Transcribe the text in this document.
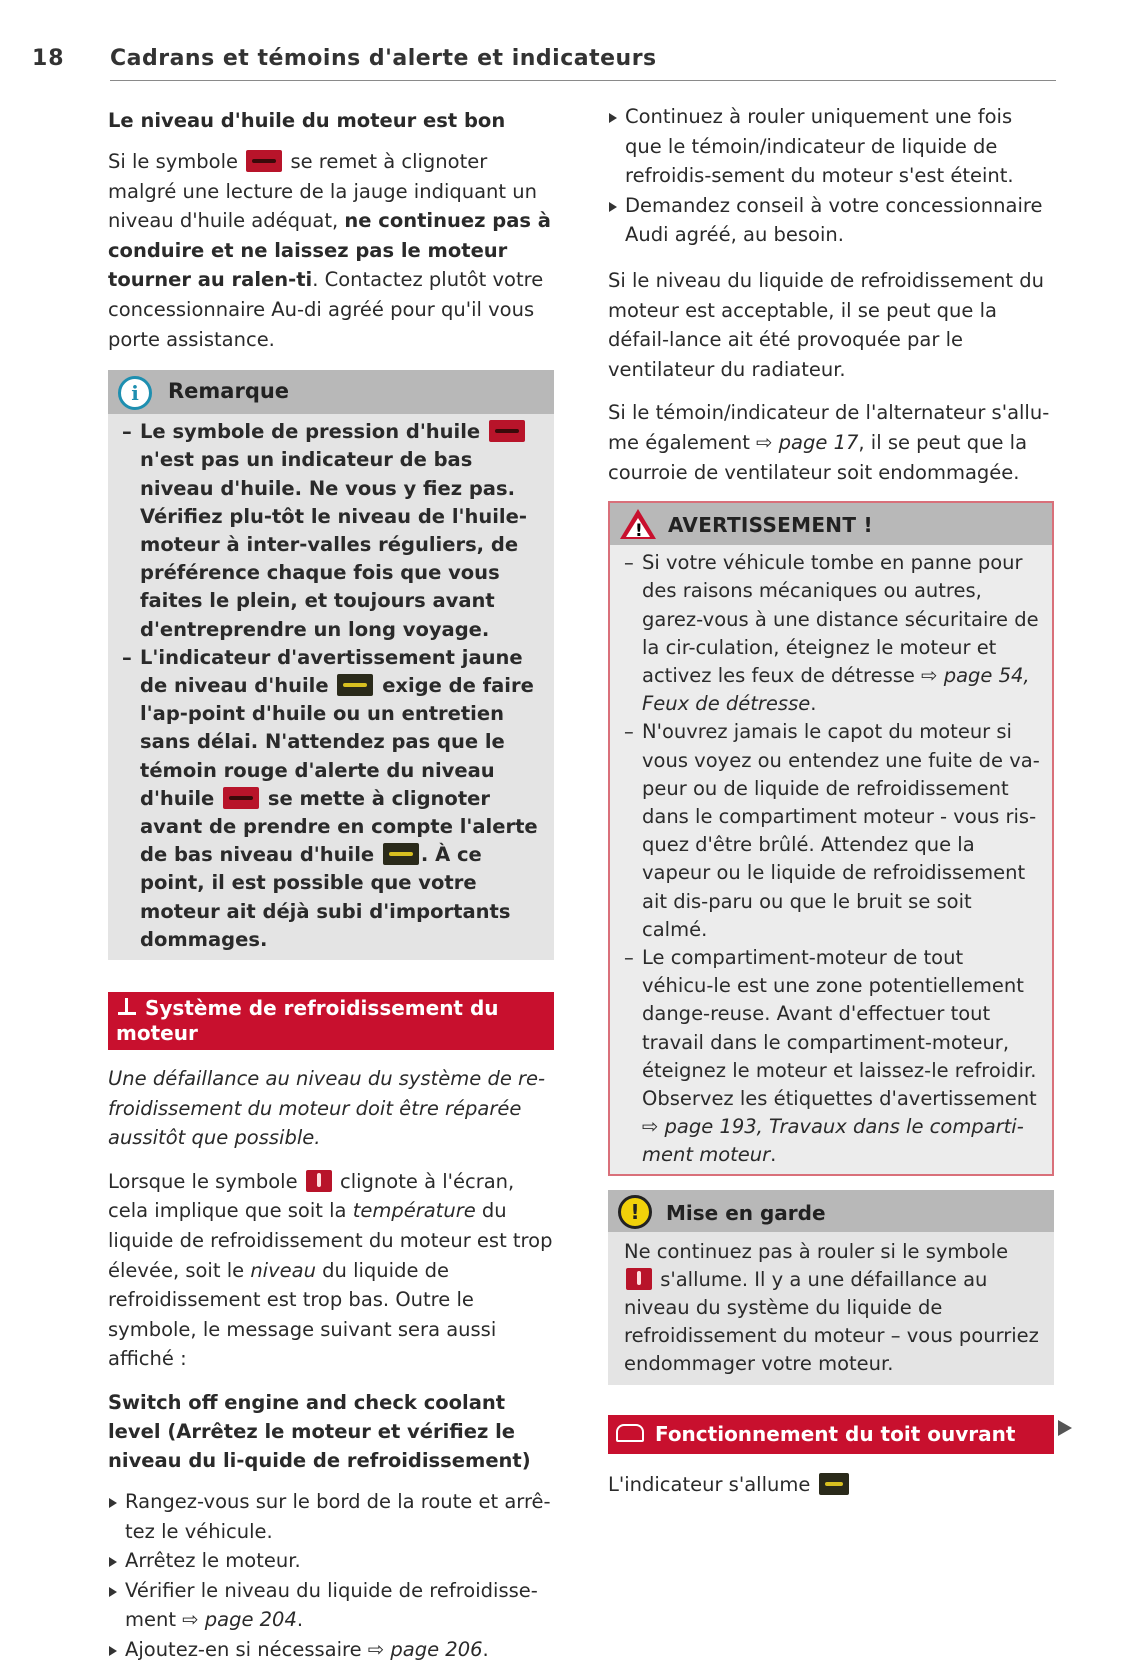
18 Cadrans et témoins d'alerte et indicateurs
Le niveau d'huile du moteur est bon

Si le symbole	se remet à clignoter malgré une lecture de la jauge indiquant un niveau d'huile adéquat, ne continuez pas à conduire et ne laissez pas le moteur tourner au ralen-ti. Contactez plutôt votre concessionnaire Au-di agréé pour qu'il vous porte assistance.

i	Remarque

– Le symbole de pression d'huile  n'est pas un indicateur de bas niveau d'huile. Ne vous y fiez pas. Vérifiez plu-tôt le niveau de l'huile-moteur à inter-valles réguliers, de préférence chaque fois que vous faites le plein, et toujours avant d'entreprendre un long voyage.

– L'indicateur d'avertissement jaune de niveau d'huile	exige de faire l'ap-point d'huile ou un entretien sans délai. N'attendez pas que le témoin rouge d'alerte du niveau d'huile	se mette à clignoter avant de prendre en compte l'alerte de bas niveau d'huile . À ce point, il est possible que votre moteur ait déjà subi d'importants dommages.

Système de refroidissement du moteur

Une défaillance au niveau du système de re-froidissement du moteur doit être réparée aussitôt que possible.

Lorsque le symbole clignote à l'écran, cela implique que soit la température du liquide de refroidissement du moteur est trop élevée, soit le niveau du liquide de refroidissement est trop bas. Outre le symbole, le message suivant sera aussi affiché :

Switch off engine and check coolant level (Arrêtez le moteur et vérifiez le niveau du li-quide de refroidissement)

Rangez-vous sur le bord de la route et arrê-tez le véhicule.

Arrêtez le moteur.

Vérifier le niveau du liquide de refroidisse-ment ⇨ page 204.

Ajoutez-en si nécessaire ⇨ page 206.

Continuez à rouler uniquement une fois que le témoin/indicateur de liquide de refroidis-sement du moteur s'est éteint.

Demandez conseil à votre concessionnaire Audi agréé, au besoin.

Si le niveau du liquide de refroidissement du moteur est acceptable, il se peut que la défail-lance ait été provoquée par le ventilateur du radiateur.

Si le témoin/indicateur de l'alternateur s'allu-me également ⇨ page 17, il se peut que la courroie de ventilateur soit endommagée.

! AVERTISSEMENT !

– Si votre véhicule tombe en panne pour des raisons mécaniques ou autres, garez-vous à une distance sécuritaire de la cir-culation, éteignez le moteur et activez les feux de détresse ⇨ page 54, Feux de détresse.

– N'ouvrez jamais le capot du moteur si vous voyez ou entendez une fuite de va-peur ou de liquide de refroidissement dans le compartiment moteur - vous ris-quez d'être brûlé. Attendez que la vapeur ou le liquide de refroidissement ait dis-paru ou que le bruit se soit calmé.

– Le compartiment-moteur de tout véhicu-le est une zone potentiellement dange-reuse. Avant d'effectuer tout travail dans le compartiment-moteur, éteignez le moteur et laissez-le refroidir. Observez les étiquettes d'avertissement ⇨ page 193, Travaux dans le comparti-ment moteur.

!	Mise en garde
Ne continuez pas à rouler si le symbole  s'allume. Il y a une défaillance au niveau du système du liquide de refroidissement du moteur – vous pourriez endommager votre moteur.
Fonctionnement du toit ouvrant

L'indicateur s'allume
